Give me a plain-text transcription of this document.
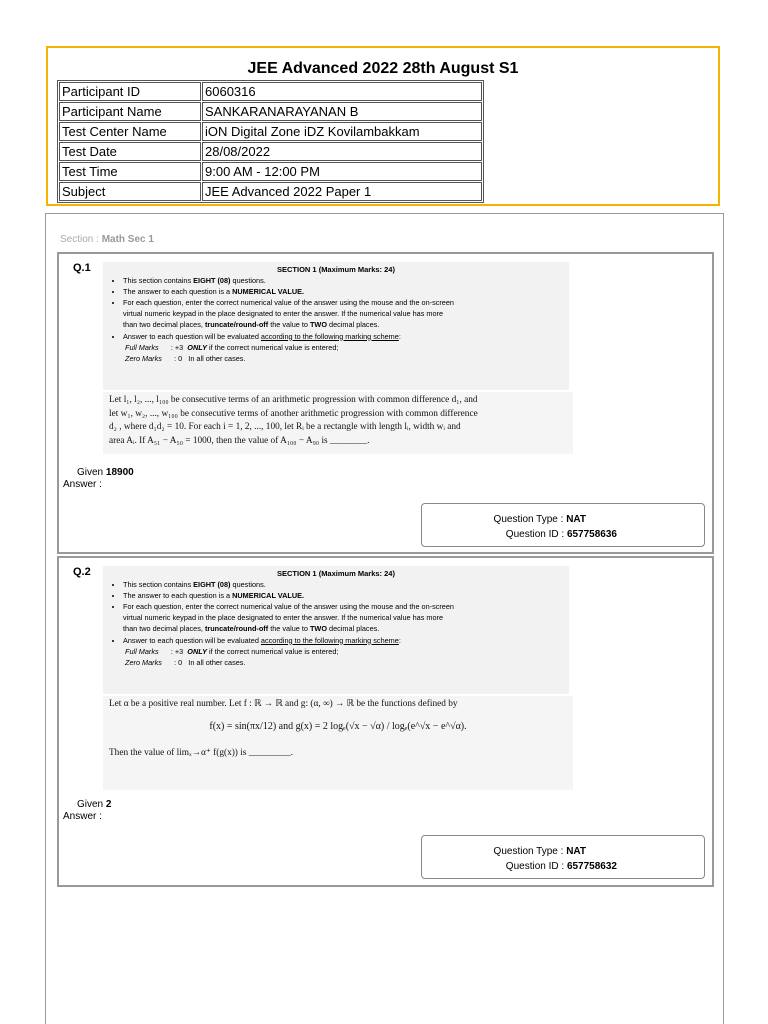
JEE Advanced 2022 28th August S1
Participant ID	6060316
Participant Name	SANKARANARAYANAN B
Test Center Name	iON Digital Zone iDZ Kovilambakkam
Test Date	28/08/2022
Test Time	9:00 AM - 12:00 PM
Subject	JEE Advanced 2022 Paper 1
Section : Math Sec 1
Q.1	SECTION 1 (Maximum Marks: 24)
• This section contains EIGHT (08) questions.
• The answer to each question is a NUMERICAL VALUE.
• For each question, enter the correct numerical value of the answer using the mouse and the on-screen
virtual numeric keypad in the place designated to enter the answer. If the numerical value has more
than two decimal places, truncate/round-off the value to TWO decimal places.
• Answer to each question will be evaluated according to the following marking scheme:
Full Marks : +3 ONLY if the correct numerical value is entered;
Zero Marks : 0 In all other cases.
Let l₁, l₂, ..., l₁₀₀ be consecutive terms of an arithmetic progression with common difference d₁, and
let w₁, w₂, ..., w₁₀₀ be consecutive terms of another arithmetic progression with common difference
d₂ , where d₁d₂ = 10. For each i = 1, 2, ..., 100, let Rᵢ be a rectangle with length lᵢ, width wᵢ and
area Aᵢ. If A₅₁ − A₅₀ = 1000, then the value of A₁₀₀ − A₉₀ is ________.
Given 18900
Answer :
Question Type : NAT
Question ID : 657758636
Q.2	SECTION 1 (Maximum Marks: 24)
• This section contains EIGHT (08) questions.
• The answer to each question is a NUMERICAL VALUE.
• For each question, enter the correct numerical value of the answer using the mouse and the on-screen
virtual numeric keypad in the place designated to enter the answer. If the numerical value has more
than two decimal places, truncate/round-off the value to TWO decimal places.
• Answer to each question will be evaluated according to the following marking scheme:
Full Marks : +3 ONLY if the correct numerical value is entered;
Zero Marks : 0 In all other cases.
Let α be a positive real number. Let f : ℝ → ℝ and g: (α, ∞) → ℝ be the functions defined by
f(x) = sin(πx/12) and g(x) = 2 logₑ(√x − √α) / logₑ(e^√x − e^√α).
Then the value of limₓ→α⁺ f(g(x)) is _________.
Given 2
Answer :
Question Type : NAT
Question ID : 657758632
